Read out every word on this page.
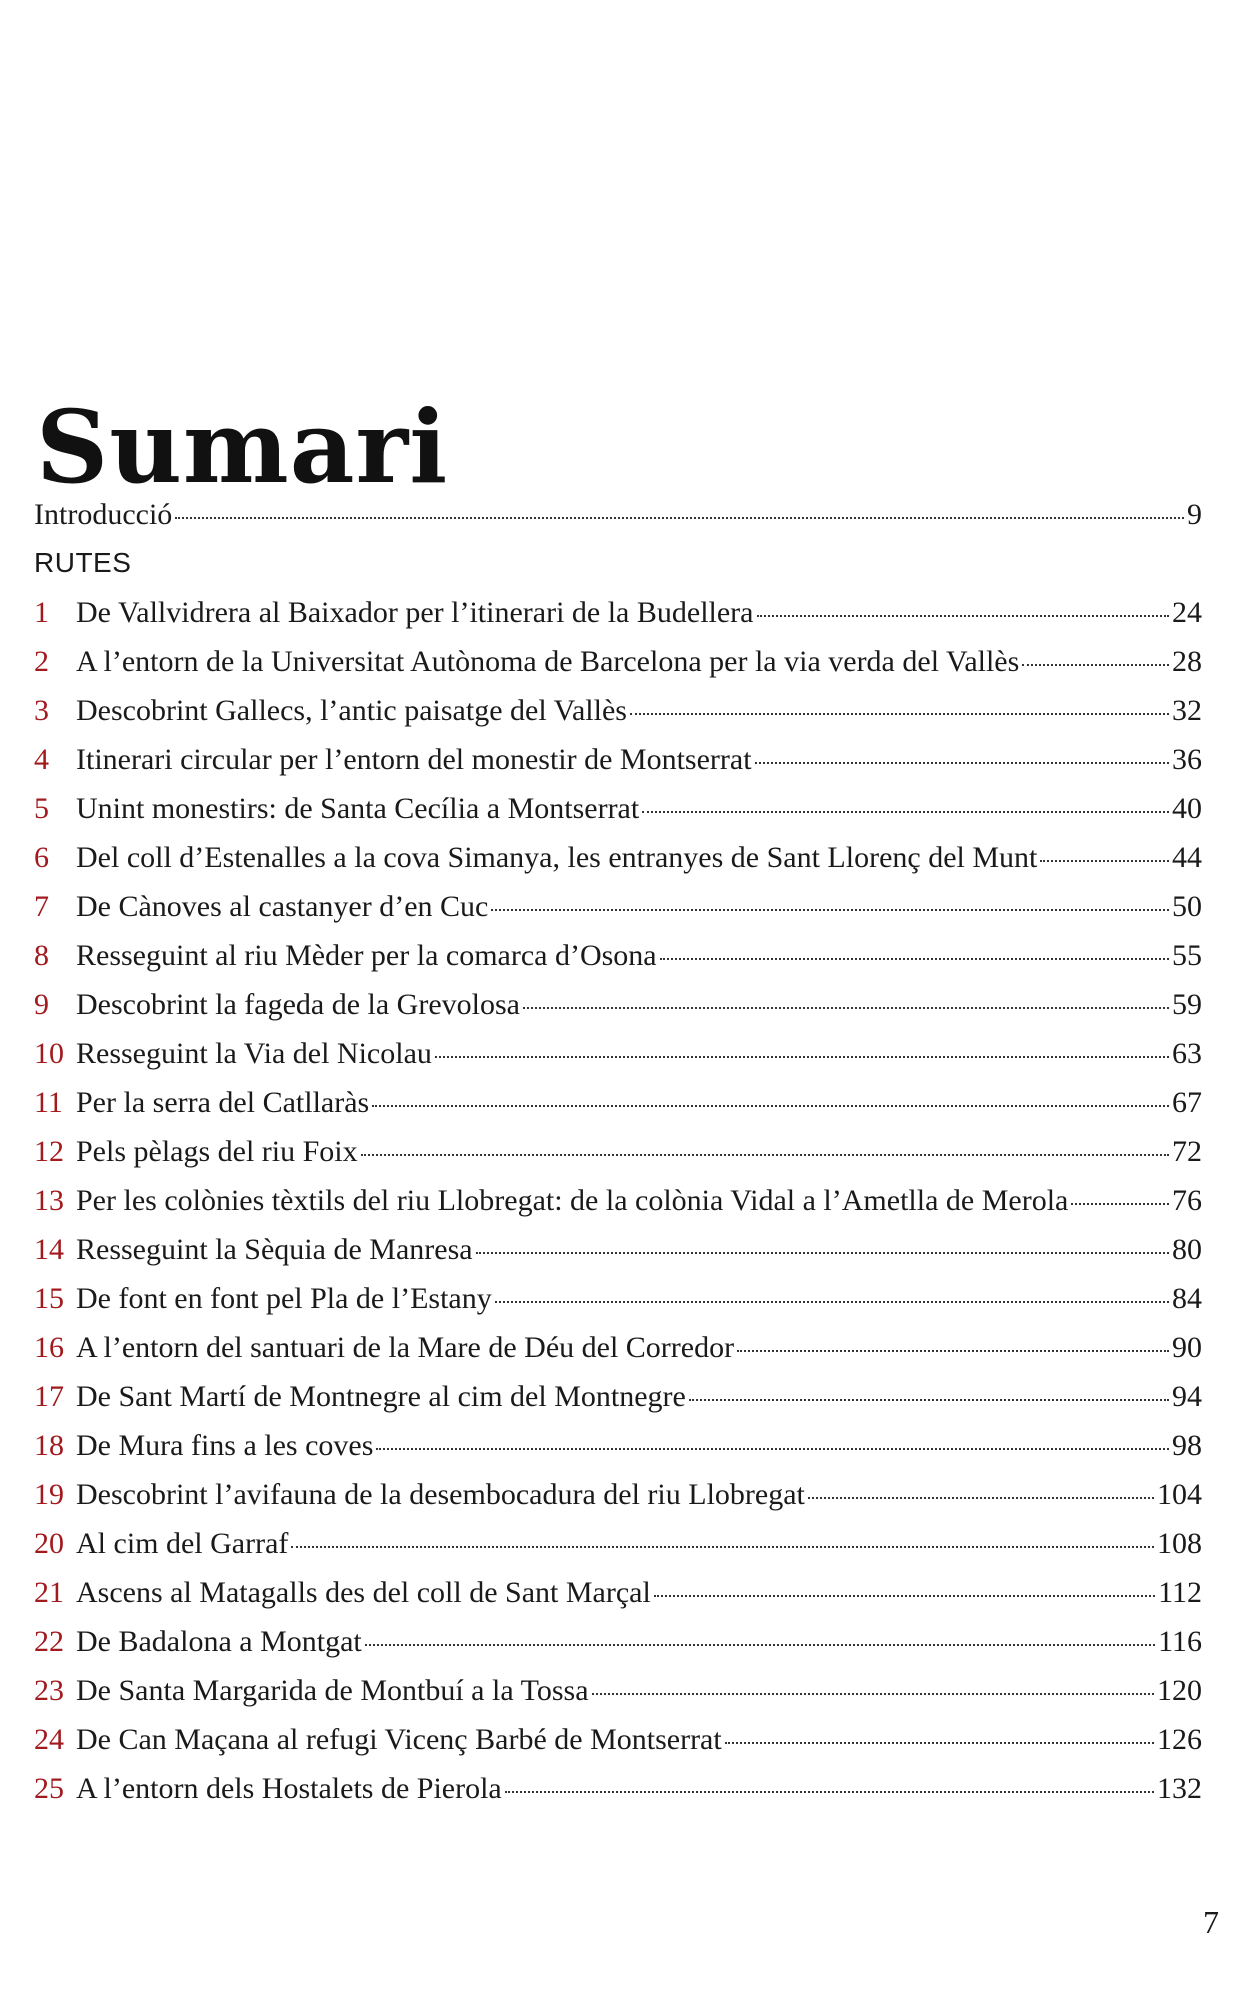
Sumari
Introducció	9
RUTES
1 De Vallvidrera al Baixador per l’itinerari de la Budellera	24
2 A l’entorn de la Universitat Autònoma de Barcelona per la via verda del Vallès	28
3 Descobrint Gallecs, l’antic paisatge del Vallès	32
4 Itinerari circular per l’entorn del monestir de Montserrat	36
5 Unint monestirs: de Santa Cecília a Montserrat	40
6 Del coll d’Estenalles a la cova Simanya, les entranyes de Sant Llorenç del Munt	44
7 De Cànoves al castanyer d’en Cuc	50
8 Resseguint al riu Mèder per la comarca d’Osona	55
9 Descobrint la fageda de la Grevolosa	59
10 Resseguint la Via del Nicolau	63
11 Per la serra del Catllaràs	67
12 Pels pèlags del riu Foix	72
13 Per les colònies tèxtils del riu Llobregat: de la colònia Vidal a l’Ametlla de Merola	76
14 Resseguint la Sèquia de Manresa	80
15 De font en font pel Pla de l’Estany	84
16 A l’entorn del santuari de la Mare de Déu del Corredor	90
17 De Sant Martí de Montnegre al cim del Montnegre	94
18 De Mura fins a les coves	98
19 Descobrint l’avifauna de la desembocadura del riu Llobregat	104
20 Al cim del Garraf	108
21 Ascens al Matagalls des del coll de Sant Marçal	112
22 De Badalona a Montgat	116
23 De Santa Margarida de Montbuí a la Tossa	120
24 De Can Maçana al refugi Vicenç Barbé de Montserrat	126
25 A l’entorn dels Hostalets de Pierola	132
7
